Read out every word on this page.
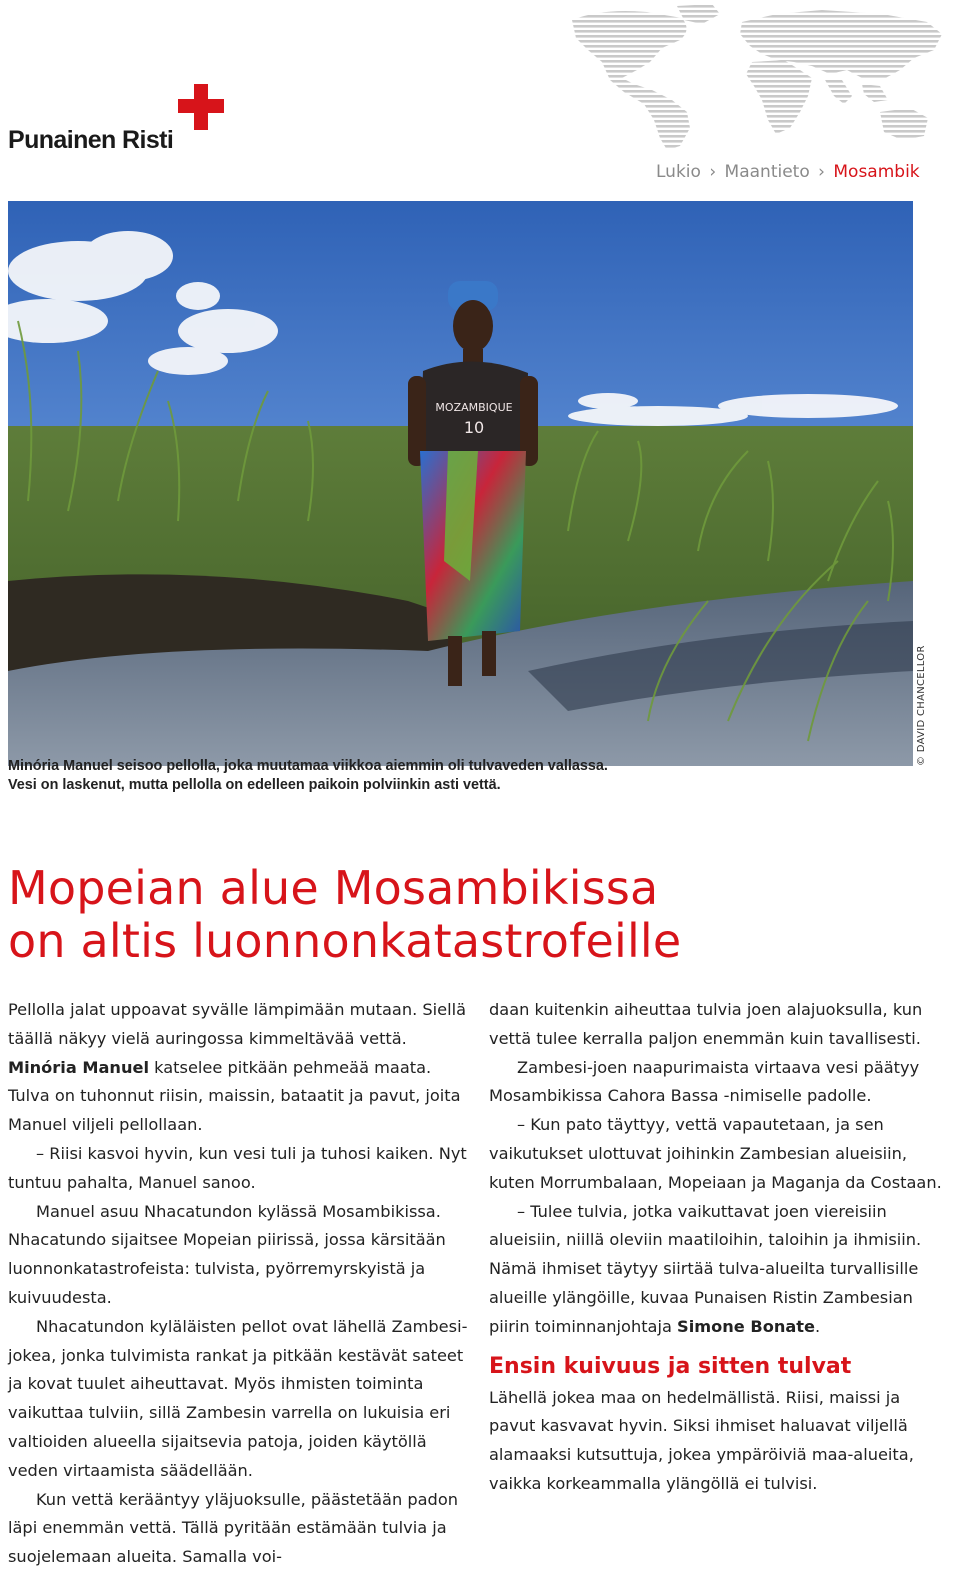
Punainen Risti
Lukio › Maantieto › Mosambik
MOZAMBIQUE
10
© DAVID CHANCELLOR
Minória Manuel seisoo pellolla, joka muutamaa viikkoa aiemmin oli tulvaveden vallassa.
Vesi on laskenut, mutta pellolla on edelleen paikoin polviinkin asti vettä.
Mopeian alue Mosambikissa
on altis luonnonkatastrofeille

Pellolla jalat uppoavat syvälle lämpimään mutaan. Siellä täällä näkyy vielä auringossa kimmeltävää vettä. Minória Manuel katselee pitkään pehmeää maata. Tulva on tuhonnut riisin, maissin, bataatit ja pavut, joita Manuel viljeli pellollaan.

– Riisi kasvoi hyvin, kun vesi tuli ja tuhosi kaiken. Nyt tuntuu pahalta, Manuel sanoo.

Manuel asuu Nhacatundon kylässä Mosambikissa. Nhacatundo sijaitsee Mopeian piirissä, jossa kärsitään luonnonkatastrofeista: tulvista, pyörremyrskyistä ja kuivuudesta.

Nhacatundon kyläläisten pellot ovat lähellä Zambesi-jokea, jonka tulvimista rankat ja pitkään kestävät sateet ja kovat tuulet aiheuttavat. Myös ihmisten toiminta vaikuttaa tulviin, sillä Zambesin varrella on lukuisia eri valtioiden alueella sijaitsevia patoja, joiden käytöllä veden virtaamista säädellään.

Kun vettä kerääntyy yläjuoksulle, päästetään padon läpi enemmän vettä. Tällä pyritään estämään tulvia ja suojelemaan alueita. Samalla voi-

daan kuitenkin aiheuttaa tulvia joen alajuoksulla, kun vettä tulee kerralla paljon enemmän kuin tavallisesti.

Zambesi-joen naapurimaista virtaava vesi päätyy Mosambikissa Cahora Bassa -nimiselle padolle.

– Kun pato täyttyy, vettä vapautetaan, ja sen vaikutukset ulottuvat joihinkin Zambesian alueisiin, kuten Morrumbalaan, Mopeiaan ja Maganja da Costaan.

– Tulee tulvia, jotka vaikuttavat joen viereisiin alueisiin, niillä oleviin maatiloihin, taloihin ja ihmisiin. Nämä ihmiset täytyy siirtää tulva-alueilta turvallisille alueille ylängöille, kuvaa Punaisen Ristin Zambesian piirin toiminnanjohtaja Simone Bonate.

Ensin kuivuus ja sitten tulvat

Lähellä jokea maa on hedelmällistä. Riisi, maissi ja pavut kasvavat hyvin. Siksi ihmiset haluavat viljellä alamaaksi kutsuttuja, jokea ympäröiviä maa-alueita, vaikka korkeammalla ylängöllä ei tulvisi.
